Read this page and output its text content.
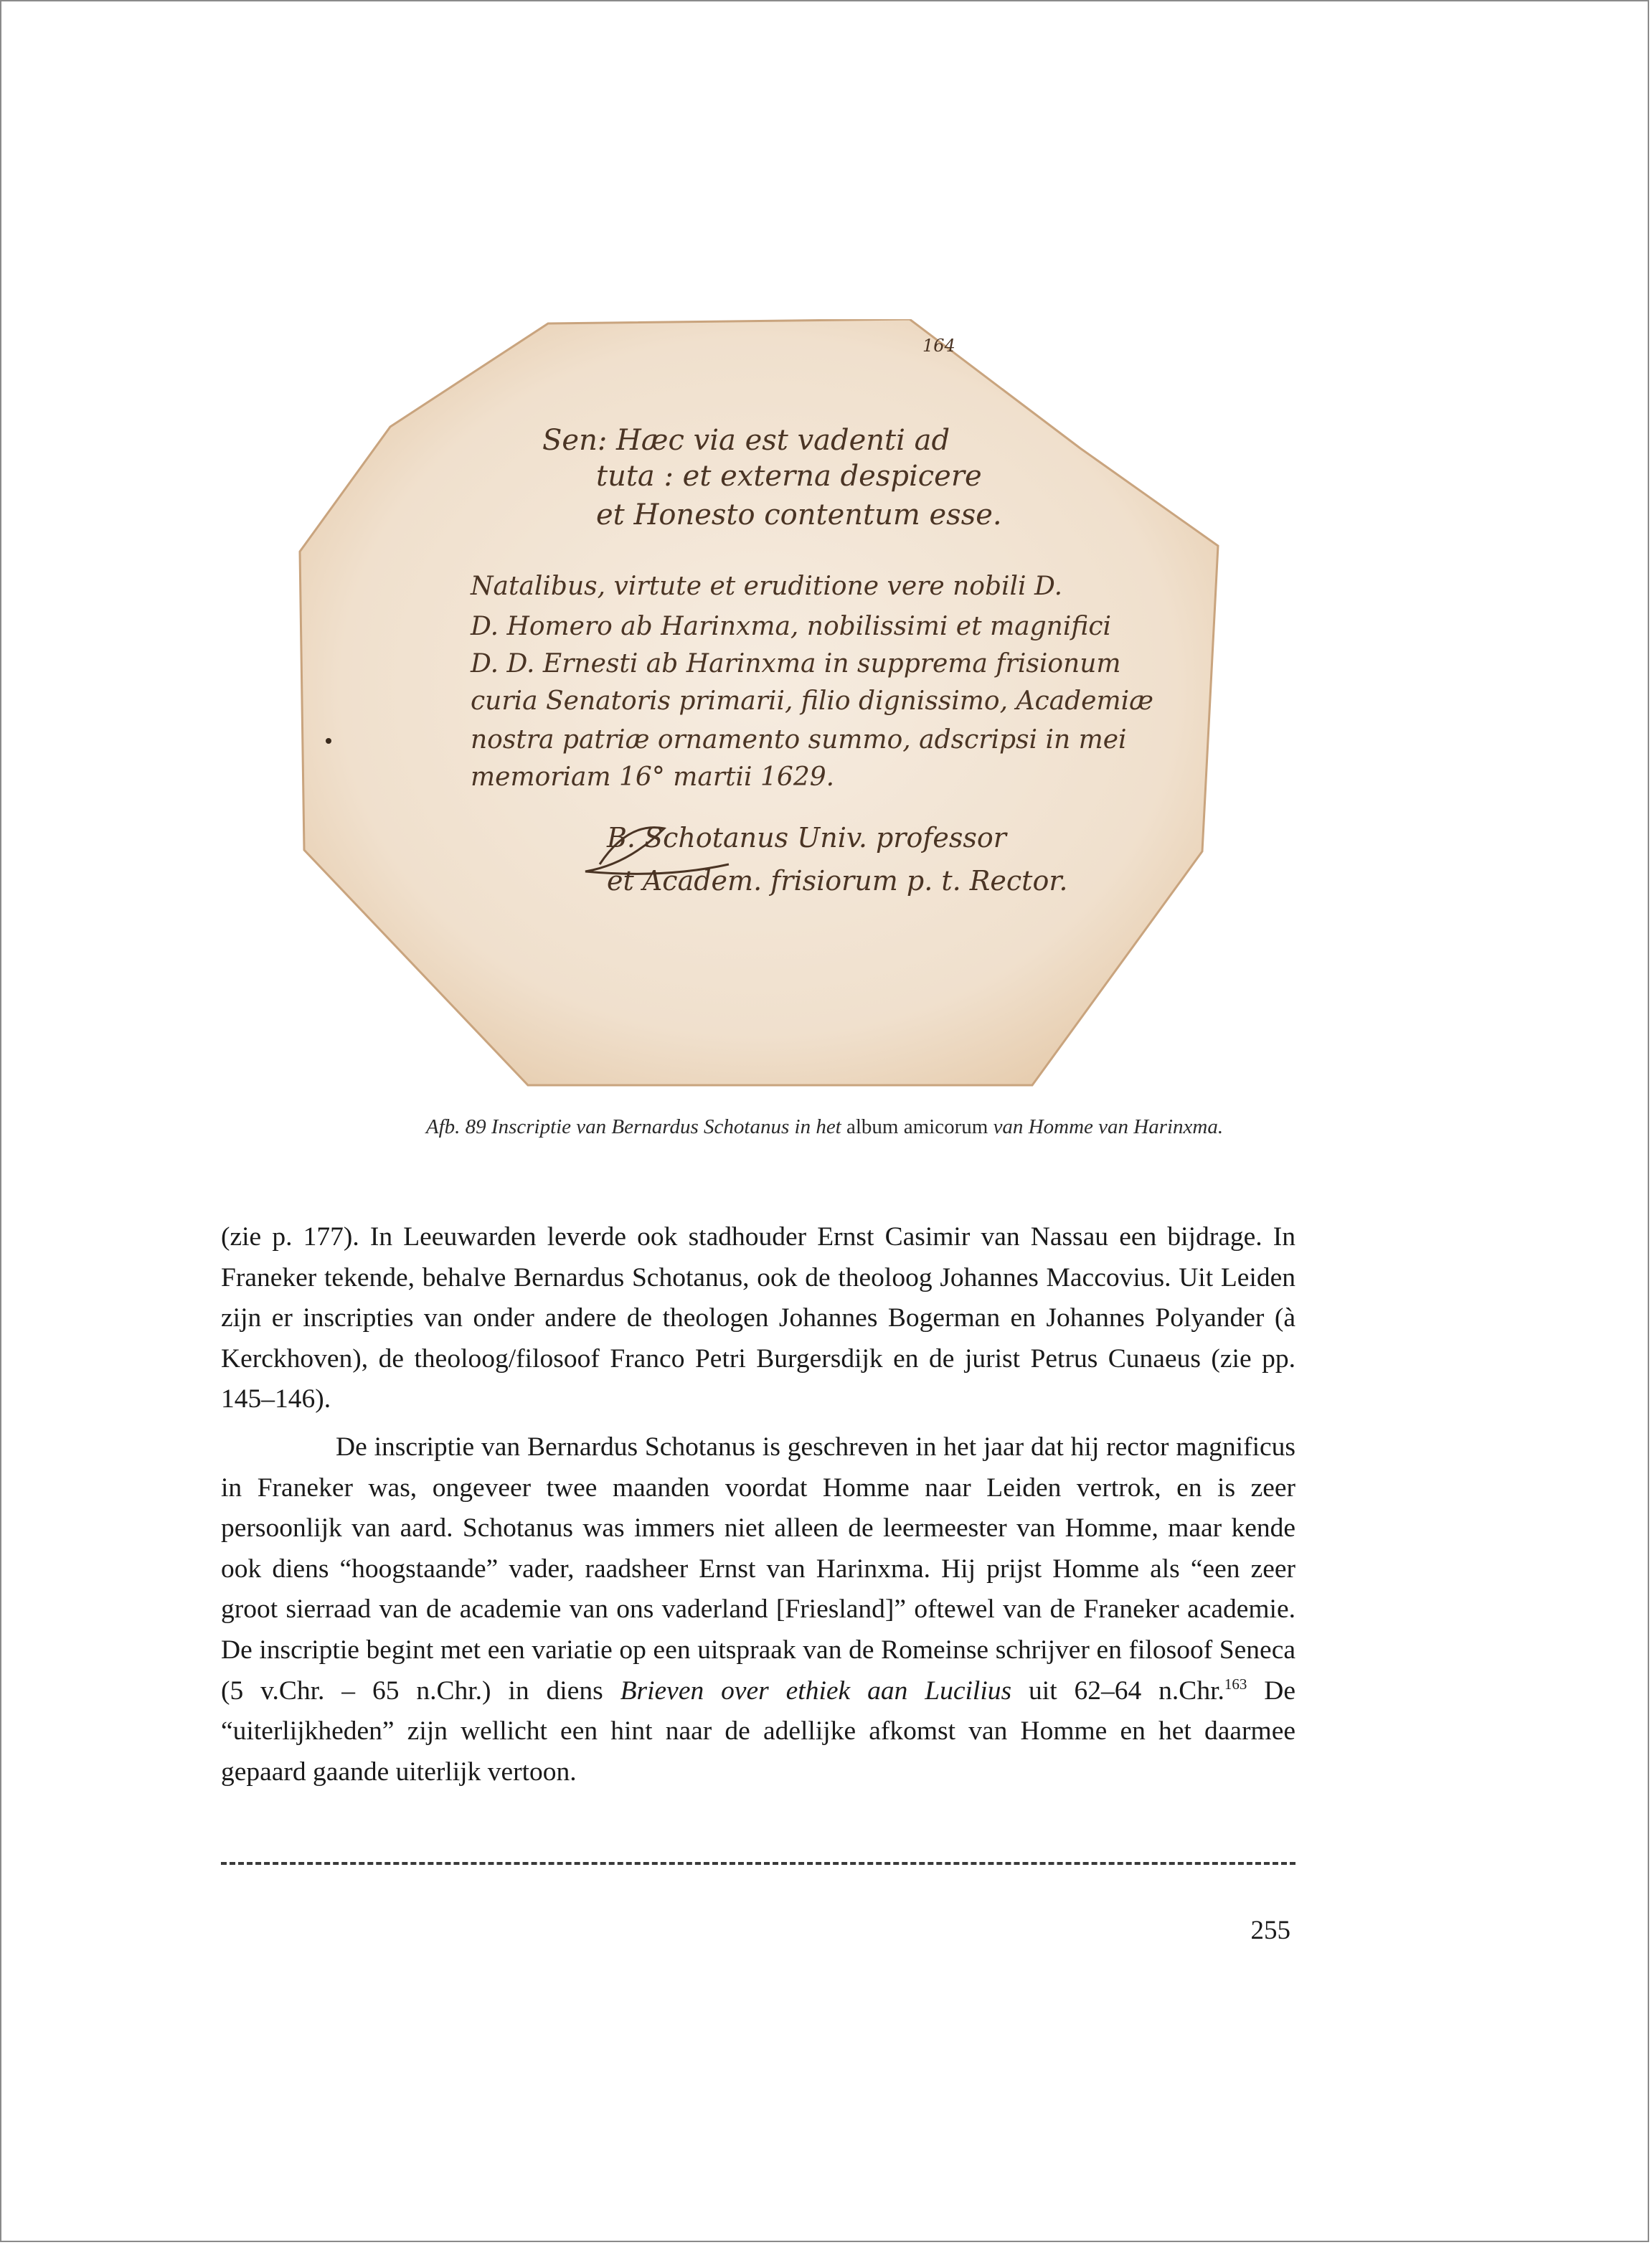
164
Sen: Hæc via est vadenti ad
tuta : et externa despicere
et Honesto contentum esse.
Natalibus, virtute et eruditione vere nobili D.
D. Homero ab Harinxma, nobilissimi et magnifici
D. D. Ernesti ab Harinxma in supprema frisionum
curia Senatoris primarii, filio dignissimo, Academiæ
nostra patriæ ornamento summo, adscripsi in mei
memoriam 16° martii 1629.
B. Schotanus Univ. professor
et Academ. frisiorum p. t. Rector.
Afb. 89 Inscriptie van Bernardus Schotanus in het album amicorum van Homme van Harinxma.

(zie p. 177). In Leeuwarden leverde ook stadhouder Ernst Casimir van Nassau een bijdrage. In Franeker tekende, behalve Bernardus Schotanus, ook de theoloog Johannes Maccovius. Uit Leiden zijn er inscripties van onder andere de theologen Johannes Bogerman en Johannes Polyander (à Kerckhoven), de theoloog/filosoof Franco Petri Burgersdijk en de jurist Petrus Cunaeus (zie pp. 145–146).

De inscriptie van Bernardus Schotanus is geschreven in het jaar dat hij rector magnificus in Franeker was, ongeveer twee maanden voordat Homme naar Leiden vertrok, en is zeer persoonlijk van aard. Schotanus was immers niet alleen de leermeester van Homme, maar kende ook diens “hoogstaande” vader, raadsheer Ernst van Harinxma. Hij prijst Homme als “een zeer groot sierraad van de academie van ons vaderland [Friesland]” oftewel van de Franeker academie. De inscriptie begint met een variatie op een uitspraak van de Romeinse schrijver en filosoof Seneca (5 v.Chr. – 65 n.Chr.) in diens Brieven over ethiek aan Lucilius uit 62–64 n.Chr.$^{163}$ De “uiterlijkheden” zijn wellicht een hint naar de adellijke afkomst van Homme en het daarmee gepaard gaande uiterlijk vertoon.

255
